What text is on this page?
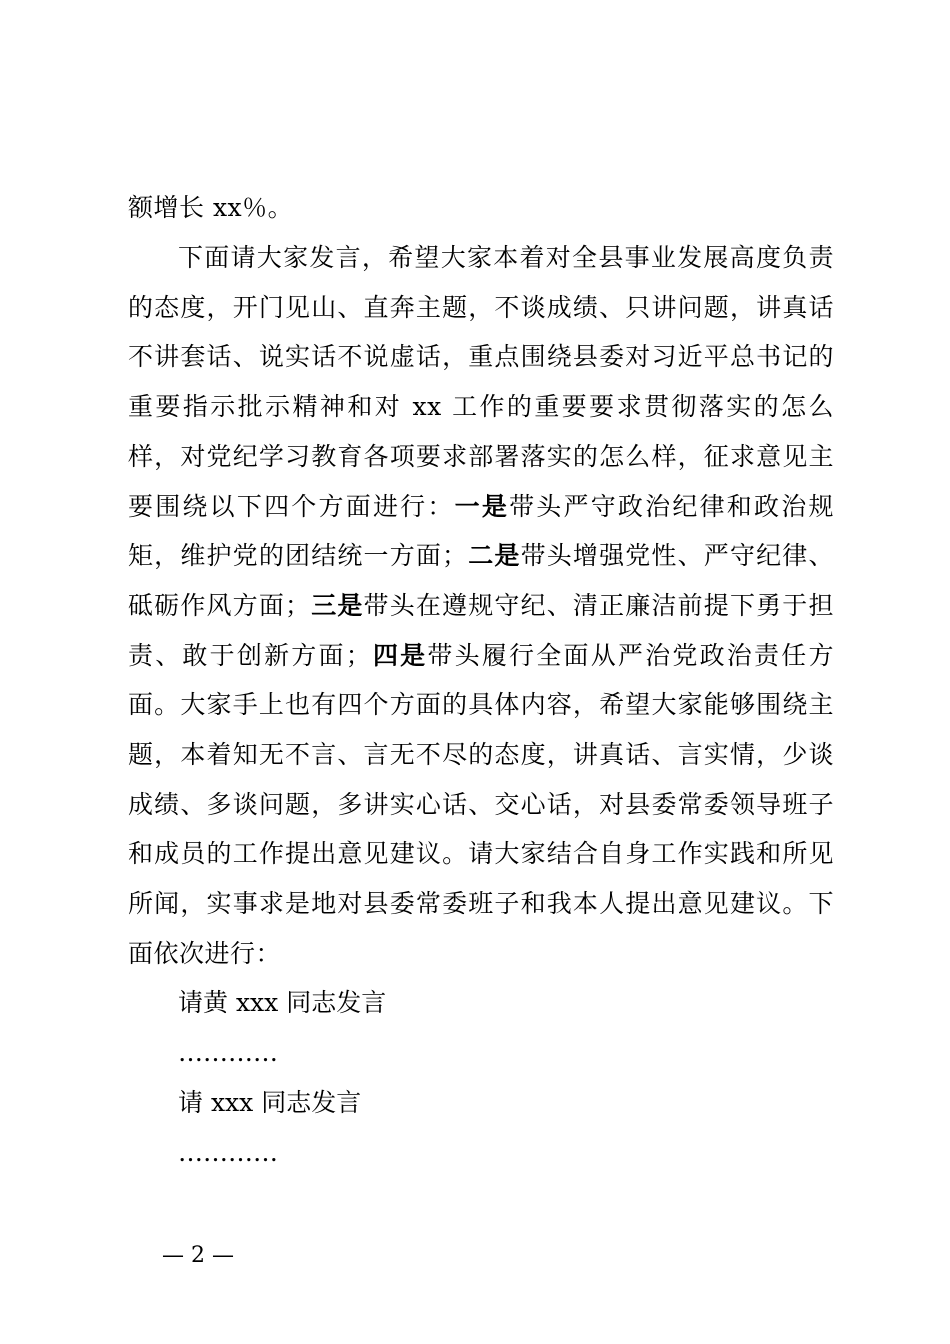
额增长 xx％。
下面请大家发言，希望大家本着对全县事业发展高度负责的态度，开门见山、直奔主题，不谈成绩、只讲问题，讲真话不讲套话、说实话不说虚话，重点围绕县委对习近平总书记的重要指示批示精神和对 xx 工作的重要要求贯彻落实的怎么样，对党纪学习教育各项要求部署落实的怎么样，征求意见主要围绕以下四个方面进行：一是带头严守政治纪律和政治规矩，维护党的团结统一方面；二是带头增强党性、严守纪律、砥砺作风方面；三是带头在遵规守纪、清正廉洁前提下勇于担责、敢于创新方面；四是带头履行全面从严治党政治责任方面。大家手上也有四个方面的具体内容，希望大家能够围绕主题，本着知无不言、言无不尽的态度，讲真话、言实情，少谈成绩、多谈问题，多讲实心话、交心话，对县委常委领导班子和成员的工作提出意见建议。请大家结合自身工作实践和所见所闻，实事求是地对县委常委班子和我本人提出意见建议。下面依次进行：
请黄 xxx 同志发言
…………
请 xxx 同志发言
…………
— 2 —
